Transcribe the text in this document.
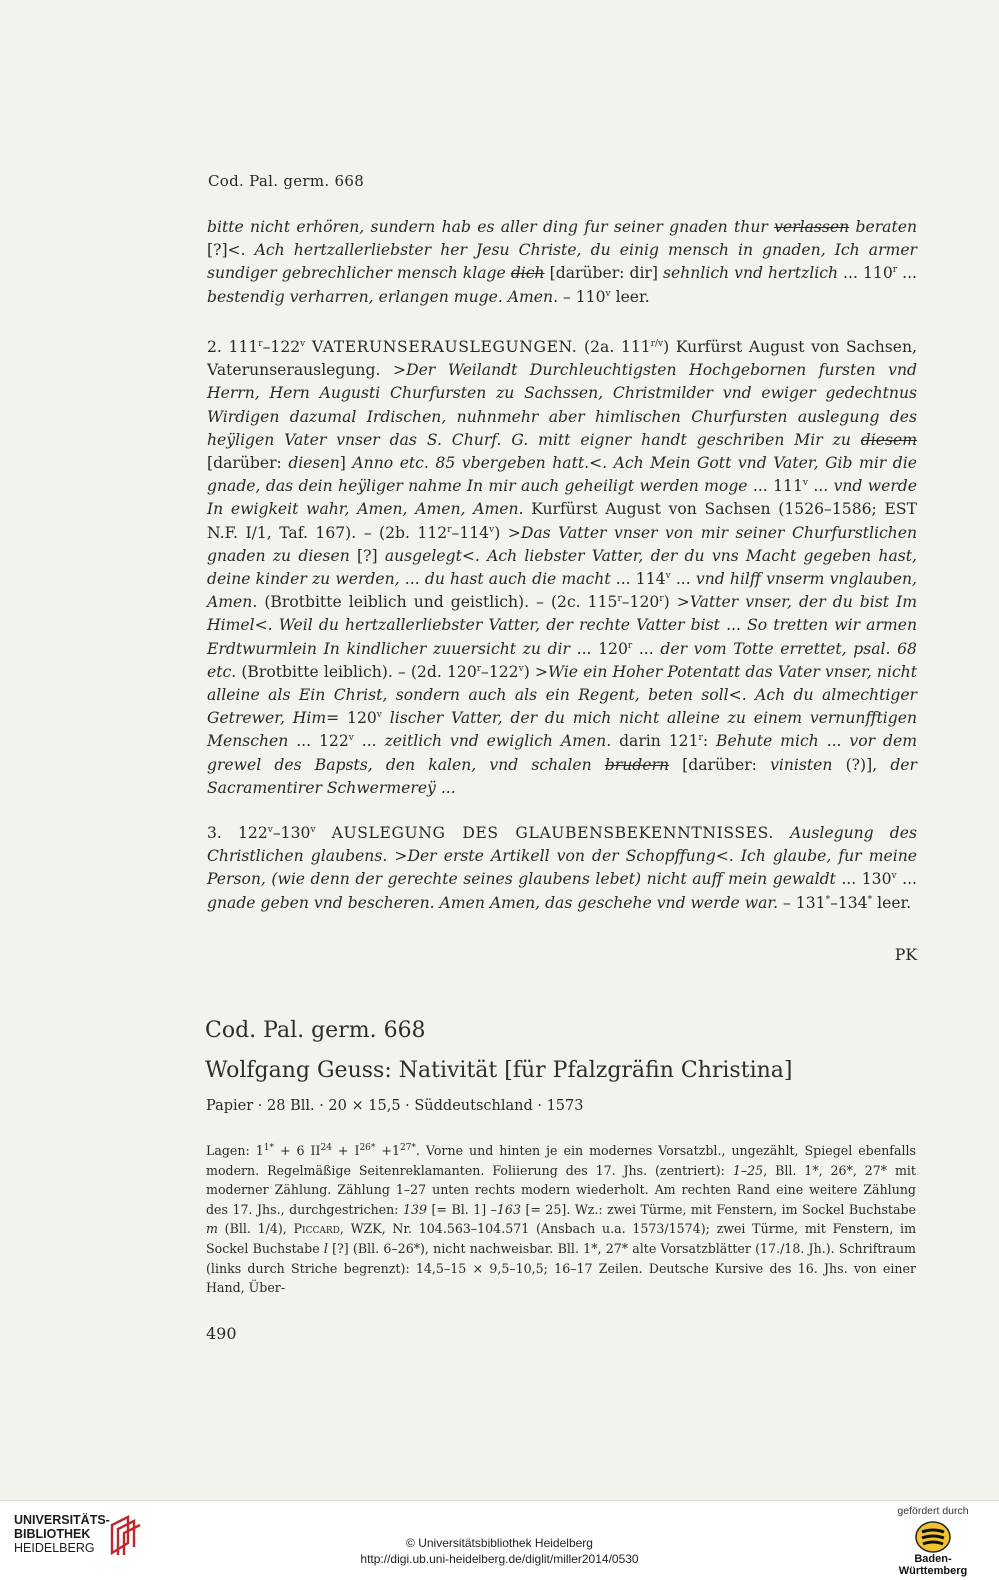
Cod. Pal. germ. 668
bitte nicht erhören, sundern hab es aller ding fur seiner gnaden thur verlassen beraten [?]<. Ach hertzallerliebster her Jesu Christe, du einig mensch in gnaden, Ich armer sundiger gebrechlicher mensch klage dich [darüber: dir] sehnlich vnd hertzlich ... 110$^r$ ... bestendig verharren, erlangen muge. Amen. – 110$^v$ leer.
2. 111$^r$–122$^v$ VATERUNSERAUSLEGUNGEN. (2a. $111^{r/v}$) Kurfürst August von Sachsen, Vaterunserauslegung. >Der Weilandt Durchleuchtigsten Hochgebornen fursten vnd Herrn, Hern Augusti Churfursten zu Sachssen, Christmilder vnd ewiger gedechtnus Wirdigen dazumal Irdischen, nuhnmehr aber himlischen Churfursten auslegung des heÿligen Vater vnser das S. Churf. G. mitt eigner handt geschriben Mir zu diesem [darüber: diesen] Anno etc. 85 vbergeben hatt.<. Ach Mein Gott vnd Vater, Gib mir die gnade, das dein heÿliger nahme In mir auch geheiligt werden moge ... 111$^v$ ... vnd werde In ewigkeit wahr, Amen, Amen, Amen. Kurfürst August von Sachsen (1526–1586; EST N.F. I/1, Taf. 167). – (2b. $112^r-114^v) >Das$ Vatter vnser von mir seiner Churfurstlichen gnaden zu diesen [?] ausgelegt<. Ach liebster Vatter, der du vns Macht gegeben hast, deine kinder zu werden, ... du hast auch die macht ... 114$^v$ ... vnd hilff vnserm vnglauben, Amen. (Brotbitte leiblich und geistlich). – (2c. $115^r-120^r$) >Vatter vnser, der du bist Im Himel<. Weil du hertzallerliebster Vatter, der rechte Vatter bist ... So tretten wir armen Erdtwurmlein In kindlicher zuuersicht zu dir ... 120$^r$ ... der vom Totte errettet, psal. 68 etc. (Brotbitte leiblich). – (2d. $120^r-122^v) >Wie$ ein Hoher Potentatt das Vater vnser, nicht alleine als Ein Christ, sondern auch als ein Regent, beten soll<. Ach du almechtiger Getrewer, $Him= 120^v$ lischer Vatter, der du mich nicht alleine zu einem vernunfftigen Menschen ... 122$^v$ ... zeitlich vnd ewiglich Amen. darin 121$^r$: Behute mich ... vor dem grewel des Bapsts, den kalen, vnd schalen brudern [darüber: vinisten (?)], der Sacramentirer Schwermereÿ ...
3. 122$^v$–130$^v$ AUSLEGUNG DES GLAUBENSBEKENNTNISSES. Auslegung des Christlichen glaubens. >Der erste Artikell von der Schopffung<. Ich glaube, fur meine Person, (wie denn der gerechte seines glaubens lebet) nicht auff mein gewaldt ... 130$^v$ ... gnade geben vnd bescheren. Amen Amen, das geschehe vnd werde war. – 131*–134* leer.
PK
Cod. Pal. germ. 668
Wolfgang Geuss: Nativität [für Pfalzgräfin Christina]
Papier · 28 Bll. · 20 × 15,5 · Süddeutschland · 1573
Lagen: $1^{1*} + 6$ $II^{24} + I^{26*} +1^{27*}$. Vorne und hinten je ein modernes Vorsatzbl., ungezählt, Spiegel ebenfalls modern. Regelmäßige Seitenreklamanten. Foliierung des 17. Jhs. (zentriert): 1–25, Bll. 1*, 26*, 27* mit moderner Zählung. Zählung 1–27 unten rechts modern wiederholt. Am rechten Rand eine weitere Zählung des 17. Jhs., durchgestrichen: 139 [= Bl. 1] –163 [= 25]. Wz.: zwei Türme, mit Fenstern, im Sockel Buchstabe m (Bll. 1/4), Piccard, WZK, Nr. 104.563–104.571 (Ansbach u.a. 1573/1574); zwei Türme, mit Fenstern, im Sockel Buchstabe l [?] (Bll. 6–26*), nicht nachweisbar. Bll. 1*, 27* alte Vorsatzblätter (17./18. Jh.). Schriftraum (links durch Striche begrenzt): 14,5–15 × 9,5–10,5; 16–17 Zeilen. Deutsche Kursive des 16. Jhs. von einer Hand, Über-
490
UNIVERSITÄTS-
BIBLIOTHEK
HEIDELBERG	© Universitätsbibliothek Heidelberg
http://digi.ub.uni-heidelberg.de/diglit/miller2014/0530
gefördert durch
Baden-Württemberg
